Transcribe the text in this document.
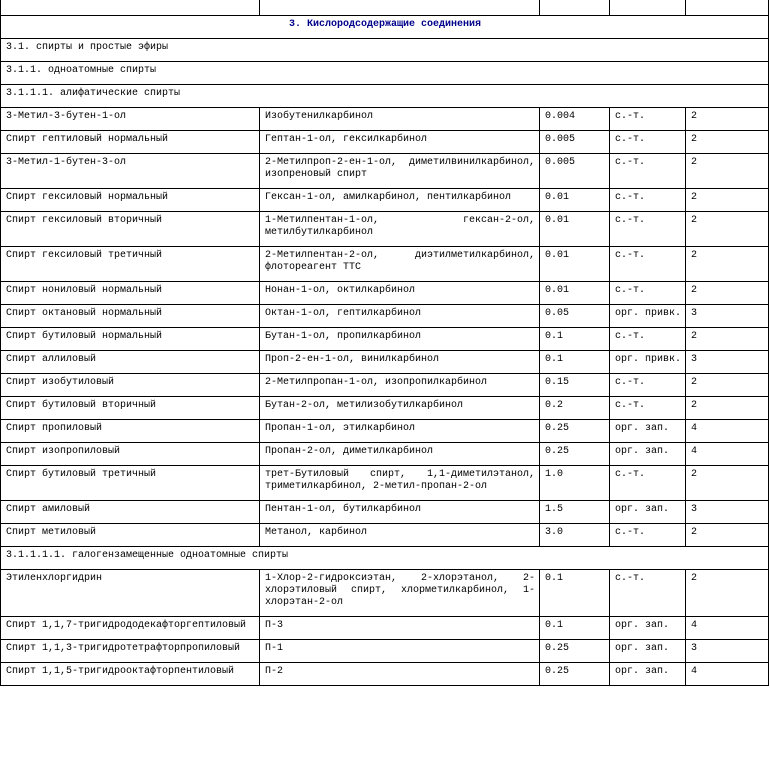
3. Кислородсодержащие соединения				
3.1. спирты и простые эфиры				
3.1.1. одноатомные спирты				
3.1.1.1. алифатические спирты				
3-Метил-3-бутен-1-ол	Изобутенилкарбинол	0.004	с.-т.	2
Спирт гептиловый нормальный	Гептан-1-ол, гексилкарбинол	0.005	с.-т.	2
3-Метил-1-бутен-3-ол	2-Метилпроп-2-ен-1-ол, диметилвинилкарбинол, изопреновый спирт	0.005	с.-т.	2
Спирт гексиловый нормальный	Гексан-1-ол, амилкарбинол, пентилкарбинол	0.01	с.-т.	2
Спирт гексиловый вторичный	1-Метилпентан-1-ол, гексан-2-ол, метилбутилкарбинол	0.01	с.-т.	2
Спирт гексиловый третичный	2-Метилпентан-2-ол, диэтилметилкарбинол, флотореагент ТТС	0.01	с.-т.	2
Спирт нониловый нормальный	Нонан-1-ол, октилкарбинол	0.01	с.-т.	2
Спирт октановый нормальный	Октан-1-ол, гептилкарбинол	0.05	орг. привк.	3
Спирт бутиловый нормальный	Бутан-1-ол, пропилкарбинол	0.1	с.-т.	2
Спирт аллиловый	Проп-2-ен-1-ол, винилкарбинол	0.1	орг. привк.	3
Спирт изобутиловый	2-Метилпропан-1-ол, изопропилкарбинол	0.15	с.-т.	2
Спирт бутиловый вторичный	Бутан-2-ол, метилизобутилкарбинол	0.2	с.-т.	2
Спирт пропиловый	Пропан-1-ол, этилкарбинол	0.25	орг. зап.	4
Спирт изопропиловый	Пропан-2-ол, диметилкарбинол	0.25	орг. зап.	4
Спирт бутиловый третичный	трет-Бутиловый спирт, 1,1-диметилэтанол, триметилкарбинол, 2-метил-пропан-2-ол	1.0	с.-т.	2
Спирт амиловый	Пентан-1-ол, бутилкарбинол	1.5	орг. зап.	3
Спирт метиловый	Метанол, карбинол	3.0	с.-т.	2
3.1.1.1.1. галогензамещенные одноатомные спирты				
Этиленхлоргидрин	1-Хлор-2-гидроксиэтан, 2-хлорэтанол, 2-хлорэтиловый спирт, хлорметилкарбинол, 1-хлорэтан-2-ол	0.1	с.-т.	2
Спирт 1,1,7-тригидрододекафторгептиловый	П-3	0.1	орг. зап.	4
Спирт 1,1,3-тригидротетрафторпропиловый	П-1	0.25	орг. зап.	3
Спирт 1,1,5-тригидрооктафторпентиловый	П-2	0.25	орг. зап.	4
